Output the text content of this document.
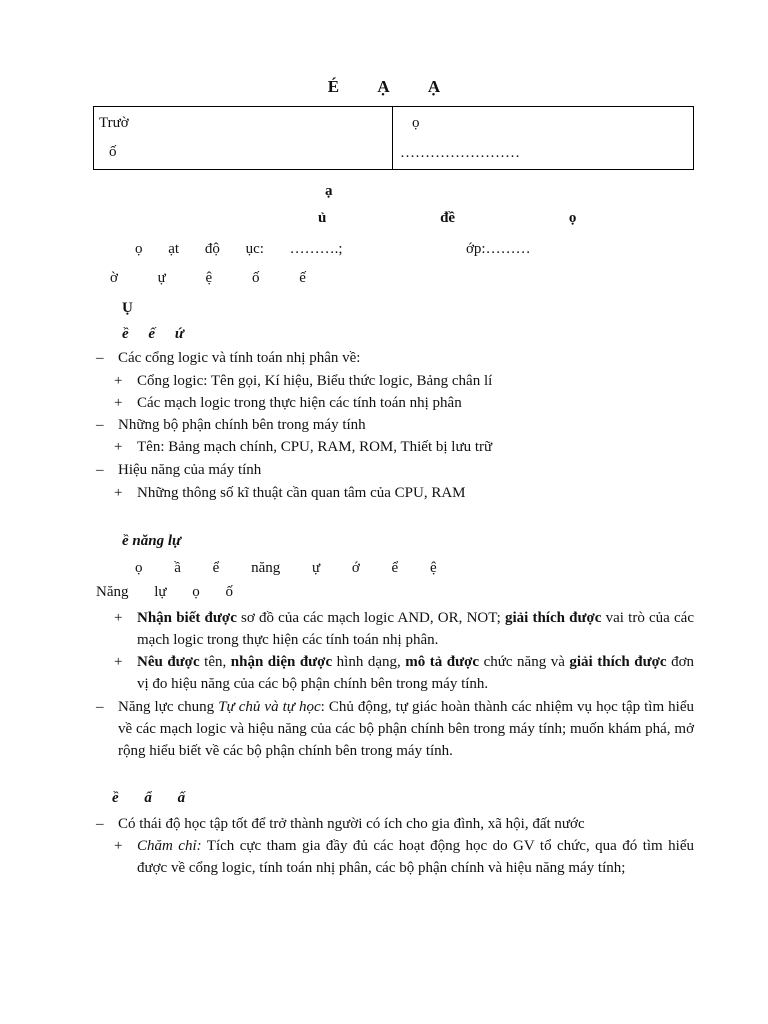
É Ạ Ạ
Trườ
ố
ọ
……………………
ạ
ủ đề ọ
ọ ạt độ ục: ……….;	ớp:………
ờ ự ệ ố ế
Ụ
ề ế ứ
– Các cổng logic và tính toán nhị phân về:
+ Cổng logic: Tên gọi, Kí hiệu, Biểu thức logic, Bảng chân lí
+ Các mạch logic trong thực hiện các tính toán nhị phân
– Những bộ phận chính bên trong máy tính
+ Tên: Bảng mạch chính, CPU, RAM, ROM, Thiết bị lưu trữ
– Hiệu năng của máy tính
+ Những thông số kĩ thuật cần quan tâm của CPU, RAM
ề năng lự
ọ ầ ể năng ự ớ ể ệ
Năng lự ọ ố
+ Nhận biết được sơ đồ của các mạch logic AND, OR, NOT; giải thích được vai trò của các mạch logic trong thực hiện các tính toán nhị phân.
+ Nêu được tên, nhận diện được hình dạng, mô tả được chức năng và giải thích được đơn vị đo hiệu năng của các bộ phận chính bên trong máy tính.
– Năng lực chung Tự chủ và tự học: Chủ động, tự giác hoàn thành các nhiệm vụ học tập tìm hiểu về các mạch logic và hiệu năng của các bộ phận chính bên trong máy tính; muốn khám phá, mở rộng hiểu biết về các bộ phận chính bên trong máy tính.
ề ẩ ấ
– Có thái độ học tập tốt để trở thành người có ích cho gia đình, xã hội, đất nước
+ Chăm chỉ: Tích cực tham gia đầy đủ các hoạt động học do GV tổ chức, qua đó tìm hiểu được về cổng logic, tính toán nhị phân, các bộ phận chính và hiệu năng máy tính;
